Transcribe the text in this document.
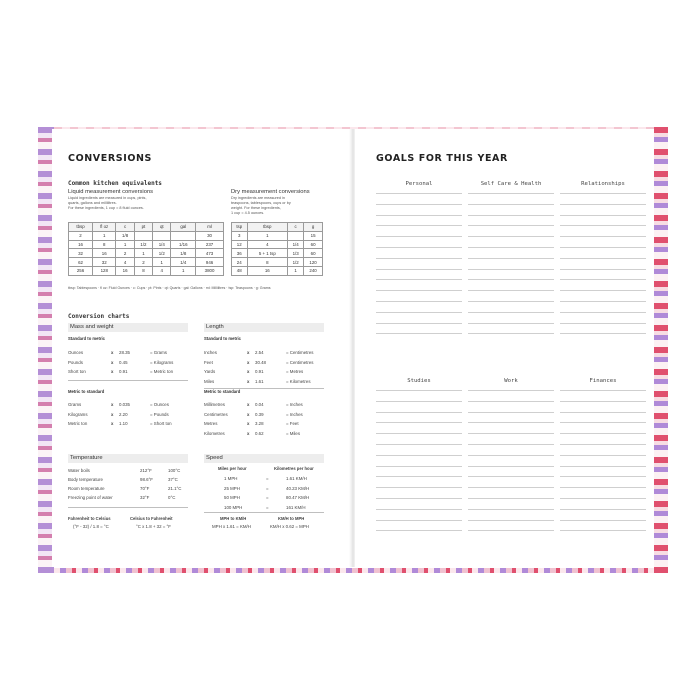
CONVERSIONS
Common kitchen equivalents
Liquid measurement conversions
Liquid ingredients are measured in cups, pints,
quarts, gallons and millilitres.
For these ingredients, 1 cup = 8 fluid ounces.
tbsp	fl oz	c	pt	qt	gal	ml
2	1	1/8				30
16	8	1	1/2	1/4	1/16	237
32	16	2	1	1/2	1/8	473
62	32	4	2	1	1/4	946
256	128	16	8	4	1	3800
Dry measurement conversions
Dry ingredients are measured in
teaspoons, tablespoons, cups or by
weight. For these ingredients,
1 cup = 4.5 ounces.
tsp	tbsp	c	g
3	1		15
12	4	1/4	60
36	5 + 1 tsp	1/3	60
24	8	1/2	120
48	16	1	240
tbsp: Tablespoons · fl oz: Fluid Ounces · c: Cups · pt: Pints · qt: Quarts · gal: Gallons · ml: Millilitres · tsp: Teaspoons · g: Grams
Conversion charts
Mass and weight
Standard to metric
Ounces	x 28.35	= Grams
Pounds	x 0.45	= Kilograms
Short ton	x 0.91	= Metric ton
Metric to standard
Grams	x 0.035	= Ounces
Kilograms	x 2.20	= Pounds
Metric ton	x 1.10	= Short ton
Length
Standard to metric
Inches	x 2.54	= Centimetres
Feet	x 30.48	= Centimetres
Yards	x 0.91	= Metres
Miles	x 1.61	= Kilometres
Metric to standard
Millimetres	x 0.04	= Inches
Centimetres	x 0.39	= Inches
Metres	x 3.28	= Feet
Kilometres	x 0.62	= Miles
Temperature
Water boils	212°F	100°C
Body temperature	98.6°F	37°C
Room temperature	70°F	21.1°C
Freezing point of water	32°F	0°C
Fahrenheit to Celsius
(°F - 32) / 1.8 = °C
Celsius to Fahrenheit
°C x 1.8 + 32 = °F
Speed
Miles per hour	Kilometres per hour
1 MPH	=	1.61 KM/H
25 MPH	=	40.23 KM/H
50 MPH	=	80.47 KM/H
100 MPH	=	161 KM/H
MPH to KM/H
MPH x 1.61 = KM/H
KM/H to MPH
KM/H x 0.62 = MPH
GOALS FOR THIS YEAR
Personal	Self Care & Health	Relationships
Studies	Work	Finances
